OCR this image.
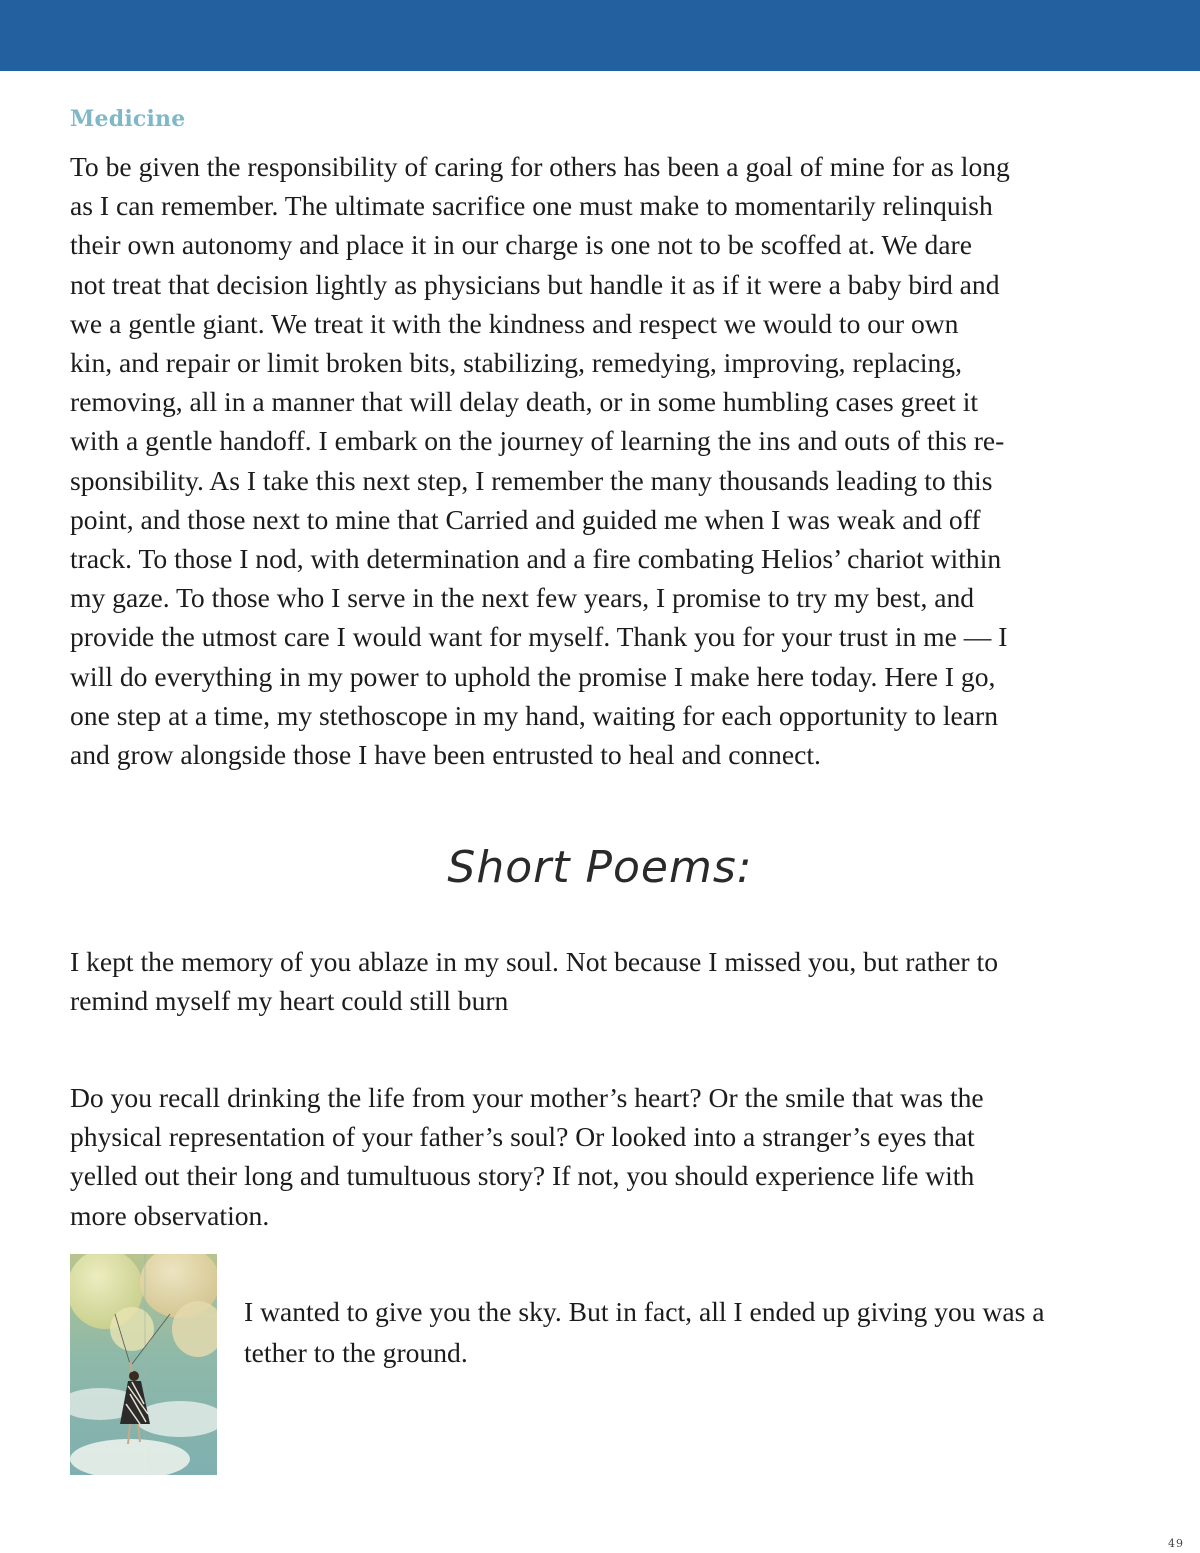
Medicine
To be given the responsibility of caring for others has been a goal of mine for as long
as I can remember. The ultimate sacrifice one must make to momentarily relinquish
their own autonomy and place it in our charge is one not to be scoffed at. We dare
not treat that decision lightly as physicians but handle it as if it were a baby bird and
we a gentle giant. We treat it with the kindness and respect we would to our own
kin, and repair or limit broken bits, stabilizing, remedying, improving, replacing,
removing, all in a manner that will delay death, or in some humbling cases greet it
with a gentle handoff. I embark on the journey of learning the ins and outs of this re-
sponsibility. As I take this next step, I remember the many thousands leading to this
point, and those next to mine that Carried and guided me when I was weak and off
track. To those I nod, with determination and a fire combating Helios’ chariot within
my gaze. To those who I serve in the next few years, I promise to try my best, and
provide the utmost care I would want for myself. Thank you for your trust in me — I
will do everything in my power to uphold the promise I make here today. Here I go,
one step at a time, my stethoscope in my hand, waiting for each opportunity to learn
and grow alongside those I have been entrusted to heal and connect.
Short Poems:
I kept the memory of you ablaze in my soul. Not because I missed you, but rather to
remind myself my heart could still burn
Do you recall drinking the life from your mother’s heart? Or the smile that was the
physical representation of your father’s soul? Or looked into a stranger’s eyes that
yelled out their long and tumultuous story? If not, you should experience life with
more observation.
I wanted to give you the sky. But in fact, all I ended up giving you was a
tether to the ground.
49
